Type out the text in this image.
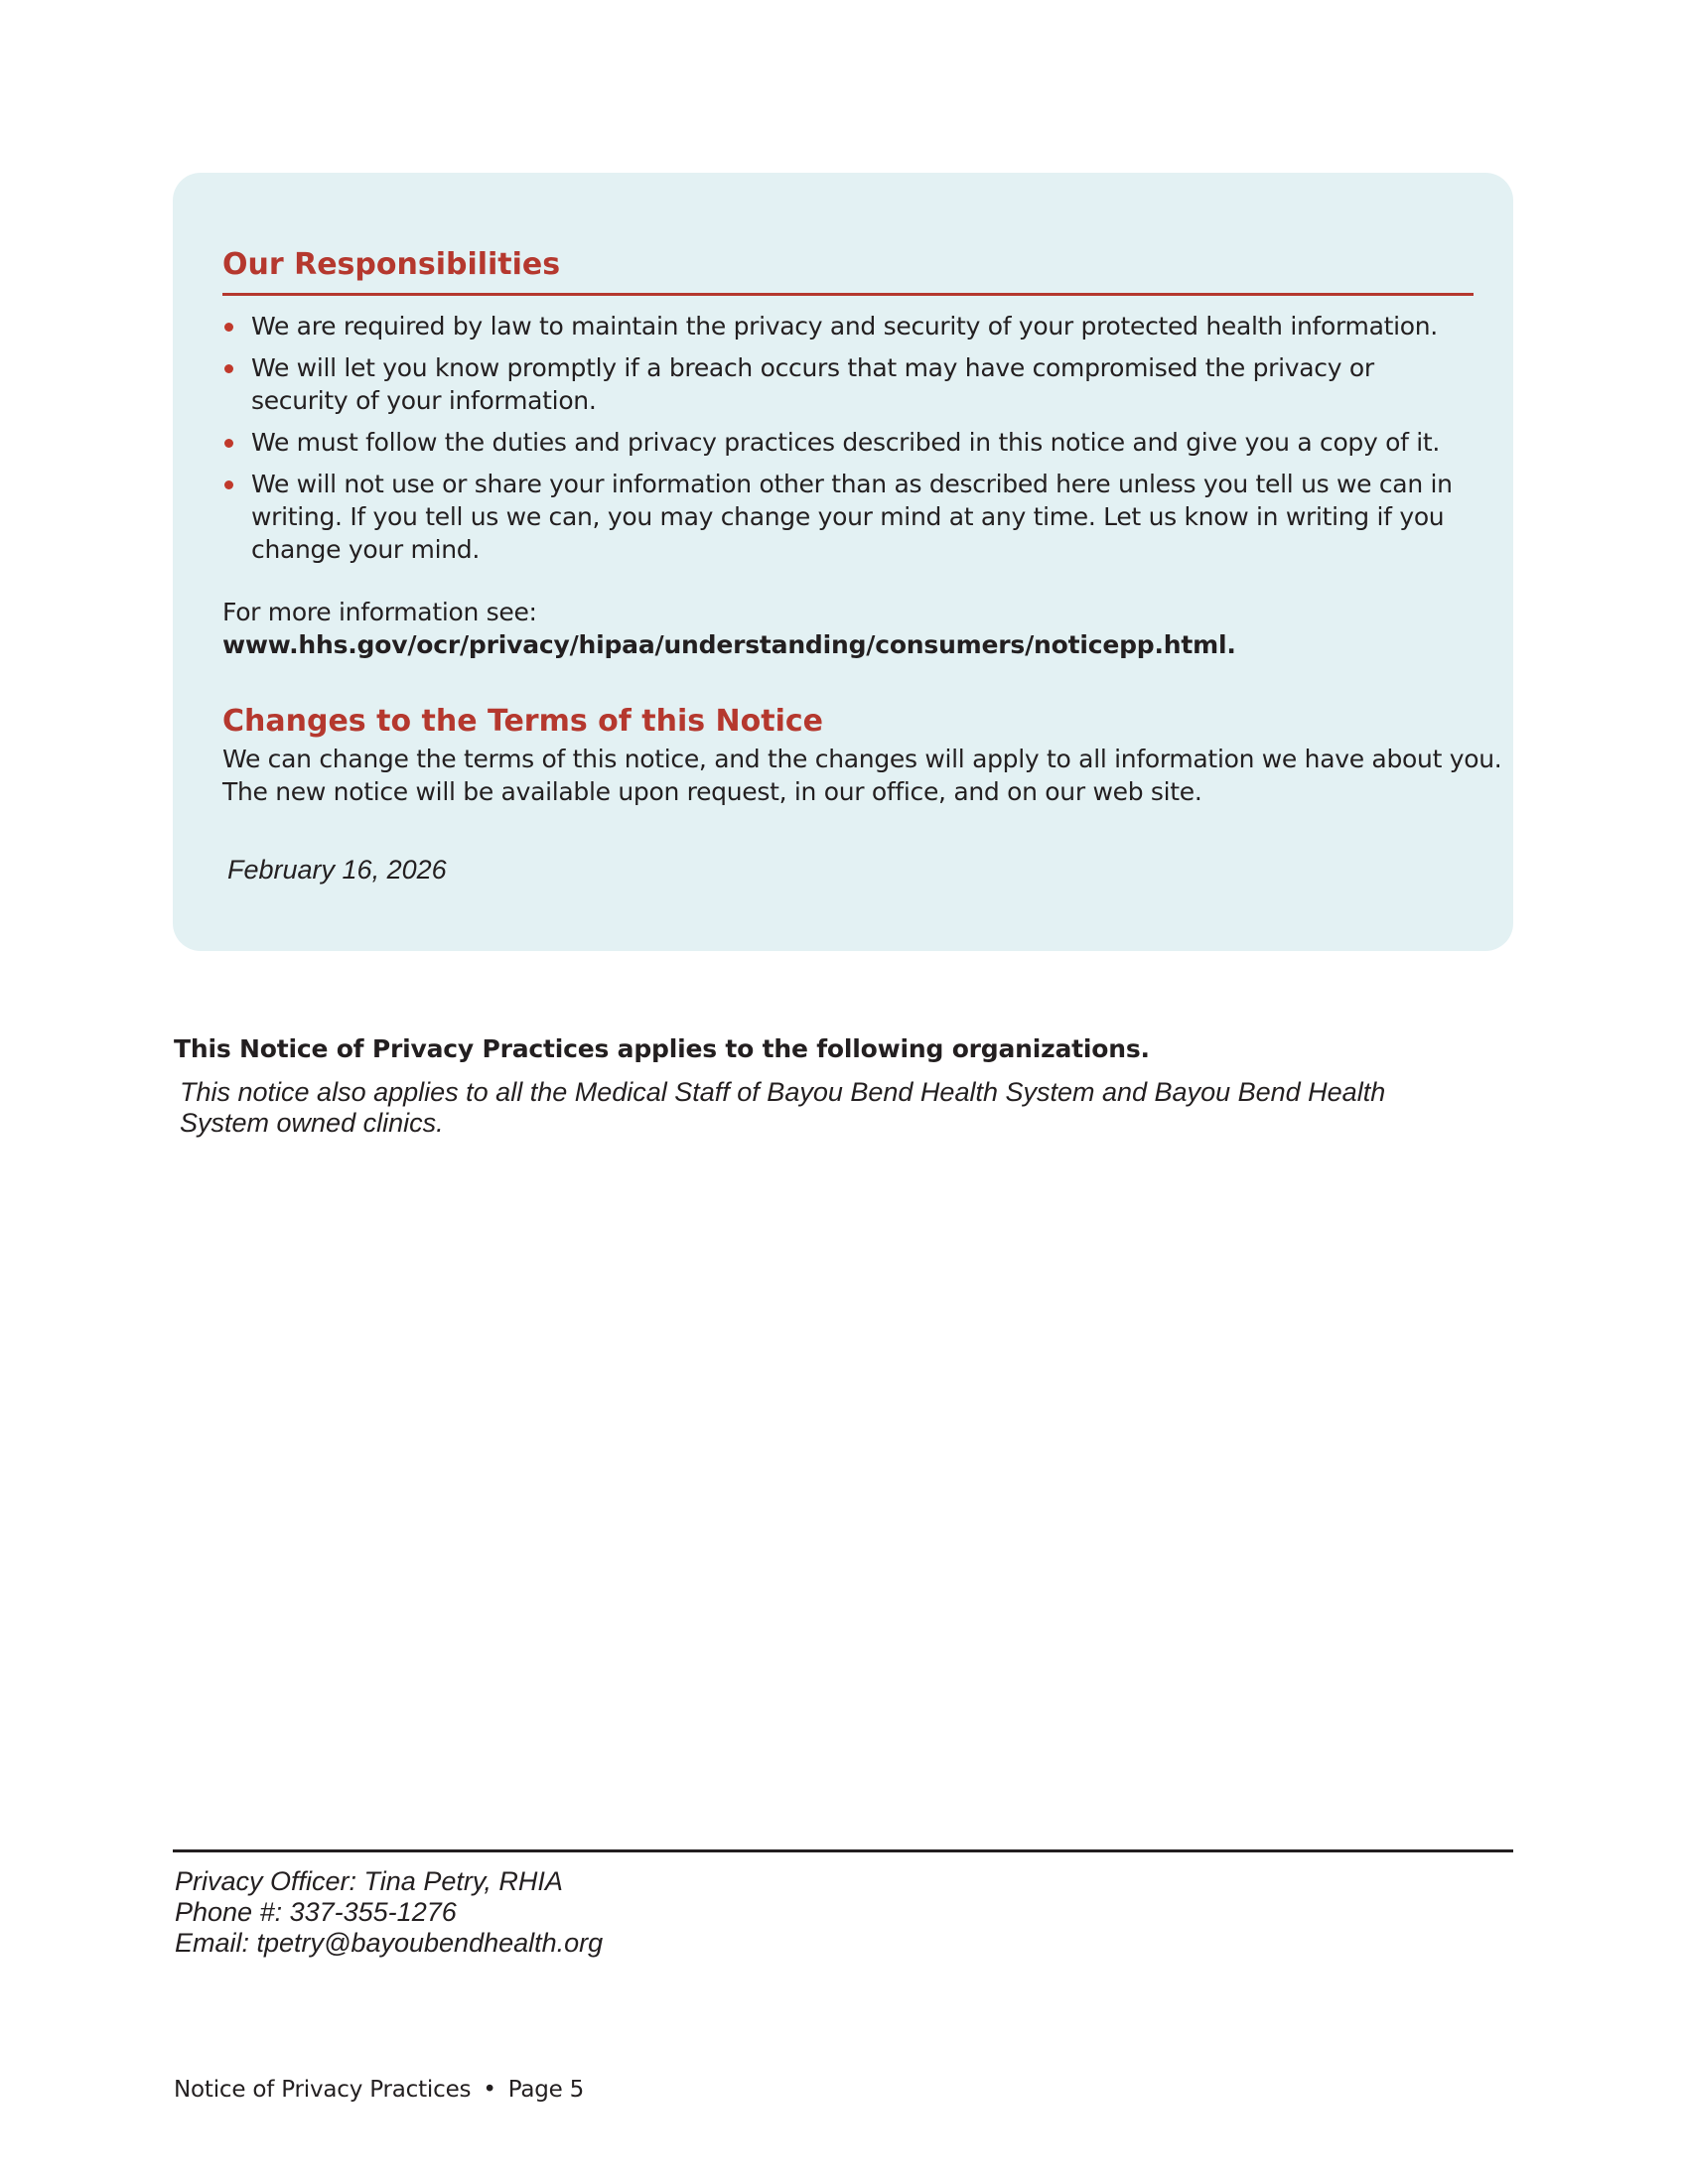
Our Responsibilities
We are required by law to maintain the privacy and security of your protected health information.
We will let you know promptly if a breach occurs that may have compromised the privacy or security of your information.
We must follow the duties and privacy practices described in this notice and give you a copy of it.
We will not use or share your information other than as described here unless you tell us we can in writing. If you tell us we can, you may change your mind at any time. Let us know in writing if you change your mind.
For more information see: www.hhs.gov/ocr/privacy/hipaa/understanding/consumers/noticepp.html.
Changes to the Terms of this Notice
We can change the terms of this notice, and the changes will apply to all information we have about you. The new notice will be available upon request, in our office, and on our web site.
February 16, 2026
This Notice of Privacy Practices applies to the following organizations.
This notice also applies to all the Medical Staff of Bayou Bend Health System and Bayou Bend Health System owned clinics.
Privacy Officer: Tina Petry, RHIA
Phone #: 337-355-1276
Email: tpetry@bayoubendhealth.org
Notice of Privacy Practices • Page 5
